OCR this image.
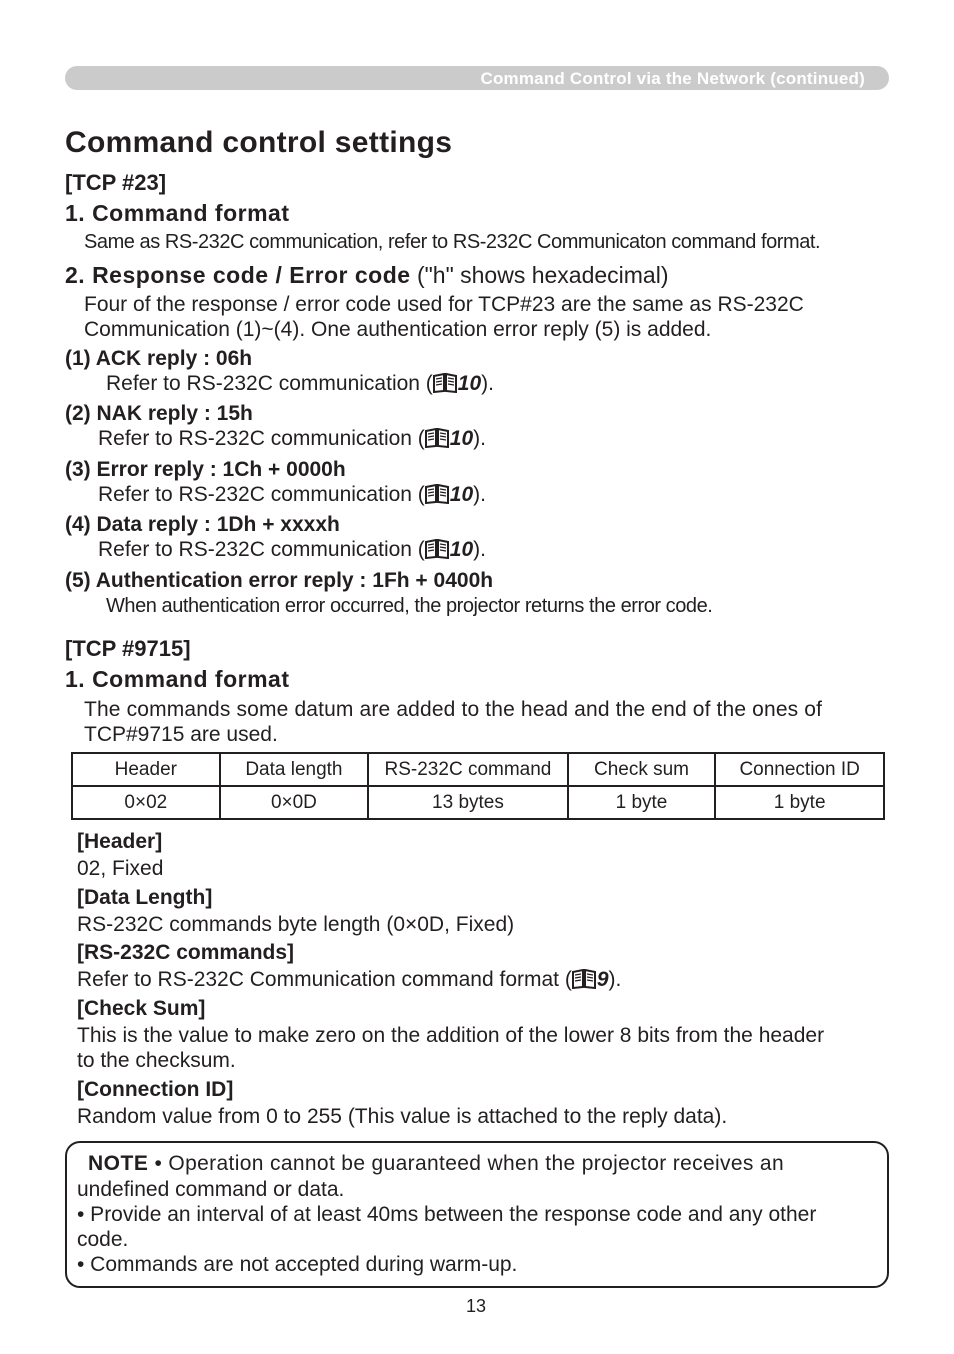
Command Control via the Network (continued)
Command control settings
[TCP #23]
1. Command format
Same as RS-232C communication, refer to RS-232C Communicaton command format.
2. Response code / Error code ("h" shows hexadecimal)
Four of the response / error code used for TCP#23 are the same as RS-232C
Communication (1)~(4). One authentication error reply (5) is added.
(1) ACK reply : 06h
Refer to RS-232C communication ( 10).
(2) NAK reply : 15h
Refer to RS-232C communication ( 10).
(3) Error reply : 1Ch + 0000h
Refer to RS-232C communication ( 10).
(4) Data reply : 1Dh + xxxxh
Refer to RS-232C communication ( 10).
(5) Authentication error reply : 1Fh + 0400h
When authentication error occurred, the projector returns the error code.
[TCP #9715]
1. Command format
The commands some datum are added to the head and the end of the ones of
TCP#9715 are used.
Header	Data length	RS-232C command	Check sum	Connection ID
0×02	0×0D	13 bytes	1 byte	1 byte
[Header]
02, Fixed
[Data Length]
RS-232C commands byte length (0×0D, Fixed)
[RS-232C commands]
Refer to RS-232C Communication command format ( 9).
[Check Sum]
This is the value to make zero on the addition of the lower 8 bits from the header
to the checksum.
[Connection ID]
Random value from 0 to 255 (This value is attached to the reply data).
NOTE • Operation cannot be guaranteed when the projector receives an
undefined command or data.
• Provide an interval of at least 40ms between the response code and any other
code.
• Commands are not accepted during warm-up.
13
